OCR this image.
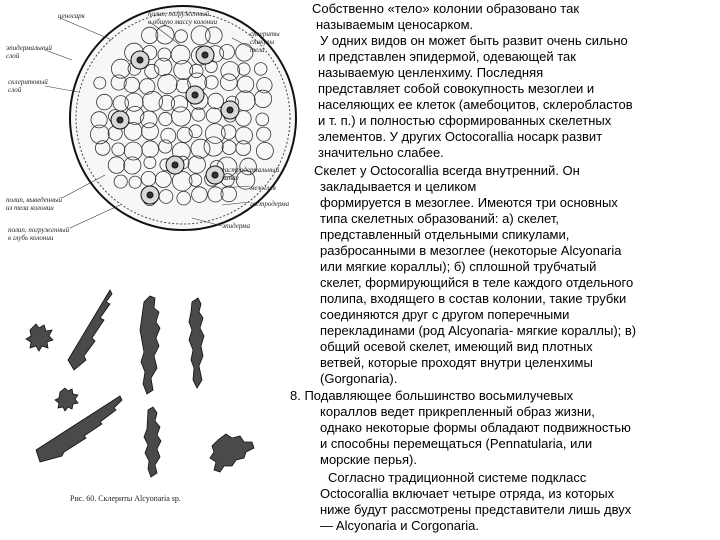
ценосарк	полип, погруженный
в общую массу колонии
эпидермальный
слой
склеритовый
слой
склериты
спикулы
тела
гастродермальный
канал
полип, выведенный
из тела колонии
мезоглея
гастродерма
эпидерма
полип, погруженный
в глубь колонии
Рис. 60. Склериты Alcyonaria sp.
Собственно «тело» колонии образовано так
называемым ценосарком.
У одних видов он может быть развит очень сильно
и представлен эпидермой, одевающей так
называемую ценленхиму. Последняя
представляет собой совокупность мезоглеи и
населяющих ее клеток (амебоцитов, склеробластов
и т. п.) и полностью сформированных скелетных
элементов. У других Octocorallia носарк развит
значительно слабее.
Скелет у Octocorallia всегда внутренний. Он
закладывается и целиком
формируется в мезоглее. Имеются три основных
типа скелетных образований: а) скелет,
представленный отдельными спикулами,
разбросанными в мезоглее (некоторые Alcyonaria
или мягкие кораллы); б) сплошной трубчатый
скелет, формирующийся в теле каждого отдельного
полипа, входящего в состав колонии, такие трубки
соединяются друг с другом поперечными
перекладинами (род Alcyonaria- мягкие кораллы); в)
общий осевой скелет, имеющий вид плотных
ветвей, которые проходят внутри целенхимы
(Gorgonaria).
8. Подавляющее большинство восьмилучевых
кораллов ведет прикрепленный образ жизни,
однако некоторые формы обладают подвижностью
и способны перемещаться (Pennatularia, или
морские перья).
Согласно традиционной системе подкласс
Octocorallia включает четыре отряда, из которых
ниже будут рассмотрены представители лишь двух
— Alcyonaria и Corgonaria.
